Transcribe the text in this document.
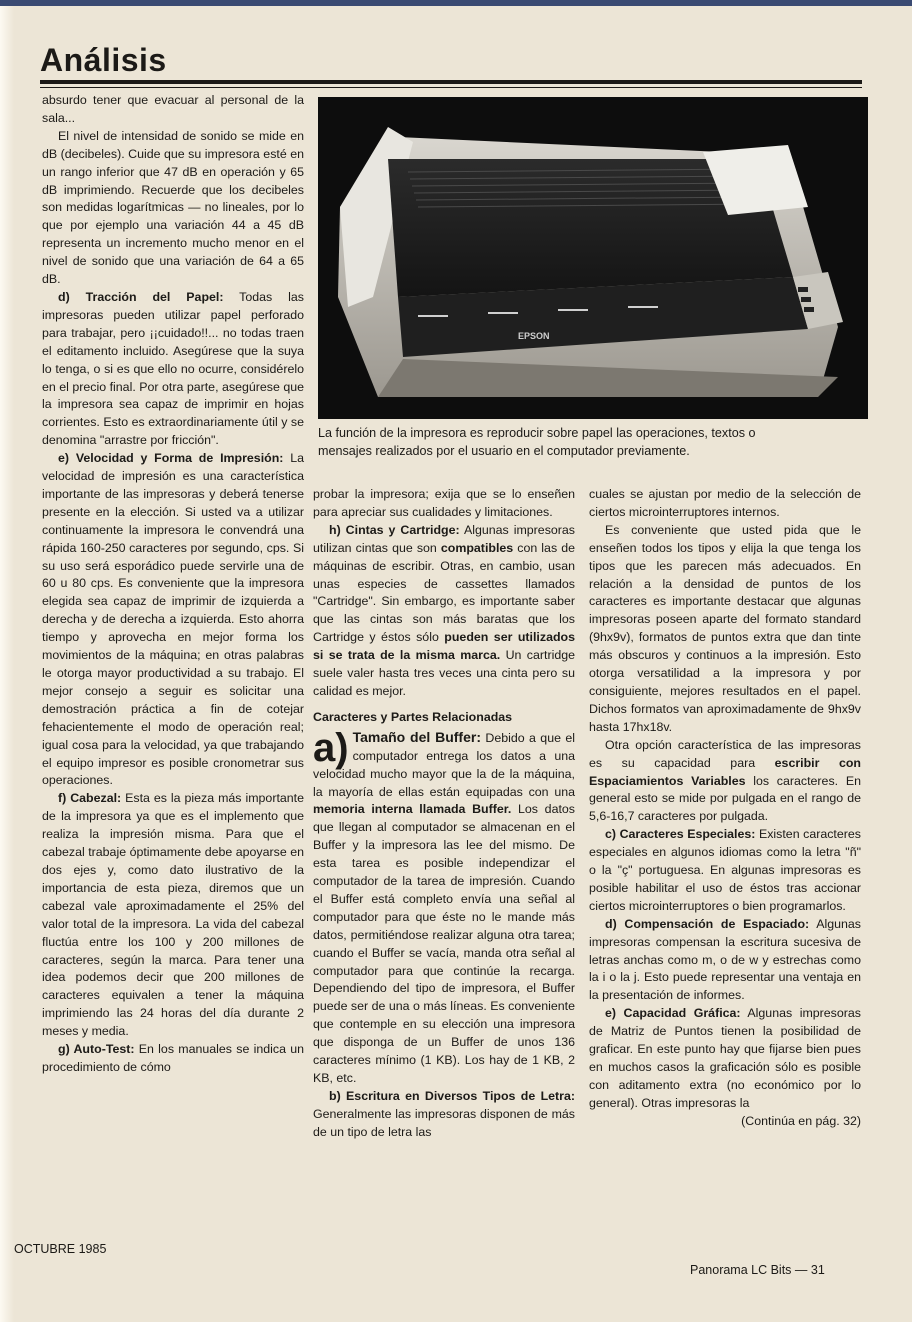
Análisis

absurdo tener que evacuar al personal de la sala...

El nivel de intensidad de sonido se mide en dB (decibeles). Cuide que su impresora esté en un rango inferior que 47 dB en operación y 65 dB imprimiendo. Recuerde que los decibeles son medidas logarítmicas — no lineales, por lo que por ejemplo una variación 44 a 45 dB representa un incremento mucho menor en el nivel de sonido que una variación de 64 a 65 dB.

d) Tracción del Papel: Todas las impresoras pueden utilizar papel perforado para trabajar, pero ¡¡cuidado!!... no todas traen el editamento incluido. Asegúrese que la suya lo tenga, o si es que ello no ocurre, considérelo en el precio final. Por otra parte, asegúrese que la impresora sea capaz de imprimir en hojas corrientes. Esto es extraordinariamente útil y se denomina "arrastre por fricción".

e) Velocidad y Forma de Impresión: La velocidad de impresión es una característica importante de las impresoras y deberá tenerse presente en la elección. Si usted va a utilizar continuamente la impresora le convendrá una rápida 160-250 caracteres por segundo, cps. Si su uso será esporádico puede servirle una de 60 u 80 cps. Es conveniente que la impresora elegida sea capaz de imprimir de izquierda a derecha y de derecha a izquierda. Esto ahorra tiempo y aprovecha en mejor forma los movimientos de la máquina; en otras palabras le otorga mayor productividad a su trabajo. El mejor consejo a seguir es solicitar una demostración práctica a fin de cotejar fehacientemente el modo de operación real; igual cosa para la velocidad, ya que trabajando el equipo impresor es posible cronometrar sus operaciones.

f) Cabezal: Esta es la pieza más importante de la impresora ya que es el implemento que realiza la impresión misma. Para que el cabezal trabaje óptimamente debe apoyarse en dos ejes y, como dato ilustrativo de la importancia de esta pieza, diremos que un cabezal vale aproximadamente el 25% del valor total de la impresora. La vida del cabezal fluctúa entre los 100 y 200 millones de caracteres, según la marca. Para tener una idea podemos decir que 200 millones de caracteres equivalen a tener la máquina imprimiendo las 24 horas del día durante 2 meses y media.

g) Auto-Test: En los manuales se indica un procedimiento de cómo

EPSON

La función de la impresora es reproducir sobre papel las operaciones, textos o mensajes realizados por el usuario en el computador previamente.

probar la impresora; exija que se lo enseñen para apreciar sus cualidades y limitaciones.

h) Cintas y Cartridge: Algunas impresoras utilizan cintas que son compatibles con las de máquinas de escribir. Otras, en cambio, usan unas especies de cassettes llamados "Cartridge". Sin embargo, es importante saber que las cintas son más baratas que los Cartridge y éstos sólo pueden ser utilizados si se trata de la misma marca. Un cartridge suele valer hasta tres veces una cinta pero su calidad es mejor.

Caracteres y Partes Relacionadas

a) Tamaño del Buffer: Debido a que el computador entrega los datos a una velocidad mucho mayor que la de la máquina, la mayoría de ellas están equipadas con una memoria interna llamada Buffer. Los datos que llegan al computador se almacenan en el Buffer y la impresora las lee del mismo. De esta tarea es posible independizar el computador de la tarea de impresión. Cuando el Buffer está completo envía una señal al computador para que éste no le mande más datos, permitiéndose realizar alguna otra tarea; cuando el Buffer se vacía, manda otra señal al computador para que continúe la recarga. Dependiendo del tipo de impresora, el Buffer puede ser de una o más líneas. Es conveniente que contemple en su elección una impresora que disponga de un Buffer de unos 136 caracteres mínimo (1 KB). Los hay de 1 KB, 2 KB, etc.

b) Escritura en Diversos Tipos de Letra: Generalmente las impresoras disponen de más de un tipo de letra las

cuales se ajustan por medio de la selección de ciertos microinterruptores internos.

Es conveniente que usted pida que le enseñen todos los tipos y elija la que tenga los tipos que les parecen más adecuados. En relación a la densidad de puntos de los caracteres es importante destacar que algunas impresoras poseen aparte del formato standard (9hx9v), formatos de puntos extra que dan tinte más obscuros y continuos a la impresión. Esto otorga versatilidad a la impresora y por consiguiente, mejores resultados en el papel. Dichos formatos van aproximadamente de 9hx9v hasta 17hx18v.

Otra opción característica de las impresoras es su capacidad para escribir con Espaciamientos Variables los caracteres. En general esto se mide por pulgada en el rango de 5,6-16,7 caracteres por pulgada.

c) Caracteres Especiales: Existen caracteres especiales en algunos idiomas como la letra "ñ" o la "ç" portuguesa. En algunas impresoras es posible habilitar el uso de éstos tras accionar ciertos microinterruptores o bien programarlos.

d) Compensación de Espaciado: Algunas impresoras compensan la escritura sucesiva de letras anchas como m, o de w y estrechas como la i o la j. Esto puede representar una ventaja en la presentación de informes.

e) Capacidad Gráfica: Algunas impresoras de Matriz de Puntos tienen la posibilidad de graficar. En este punto hay que fijarse bien pues en muchos casos la graficación sólo es posible con aditamento extra (no económico por lo general). Otras impresoras la

(Continúa en pág. 32)

OCTUBRE 1985
Panorama LC Bits — 31
